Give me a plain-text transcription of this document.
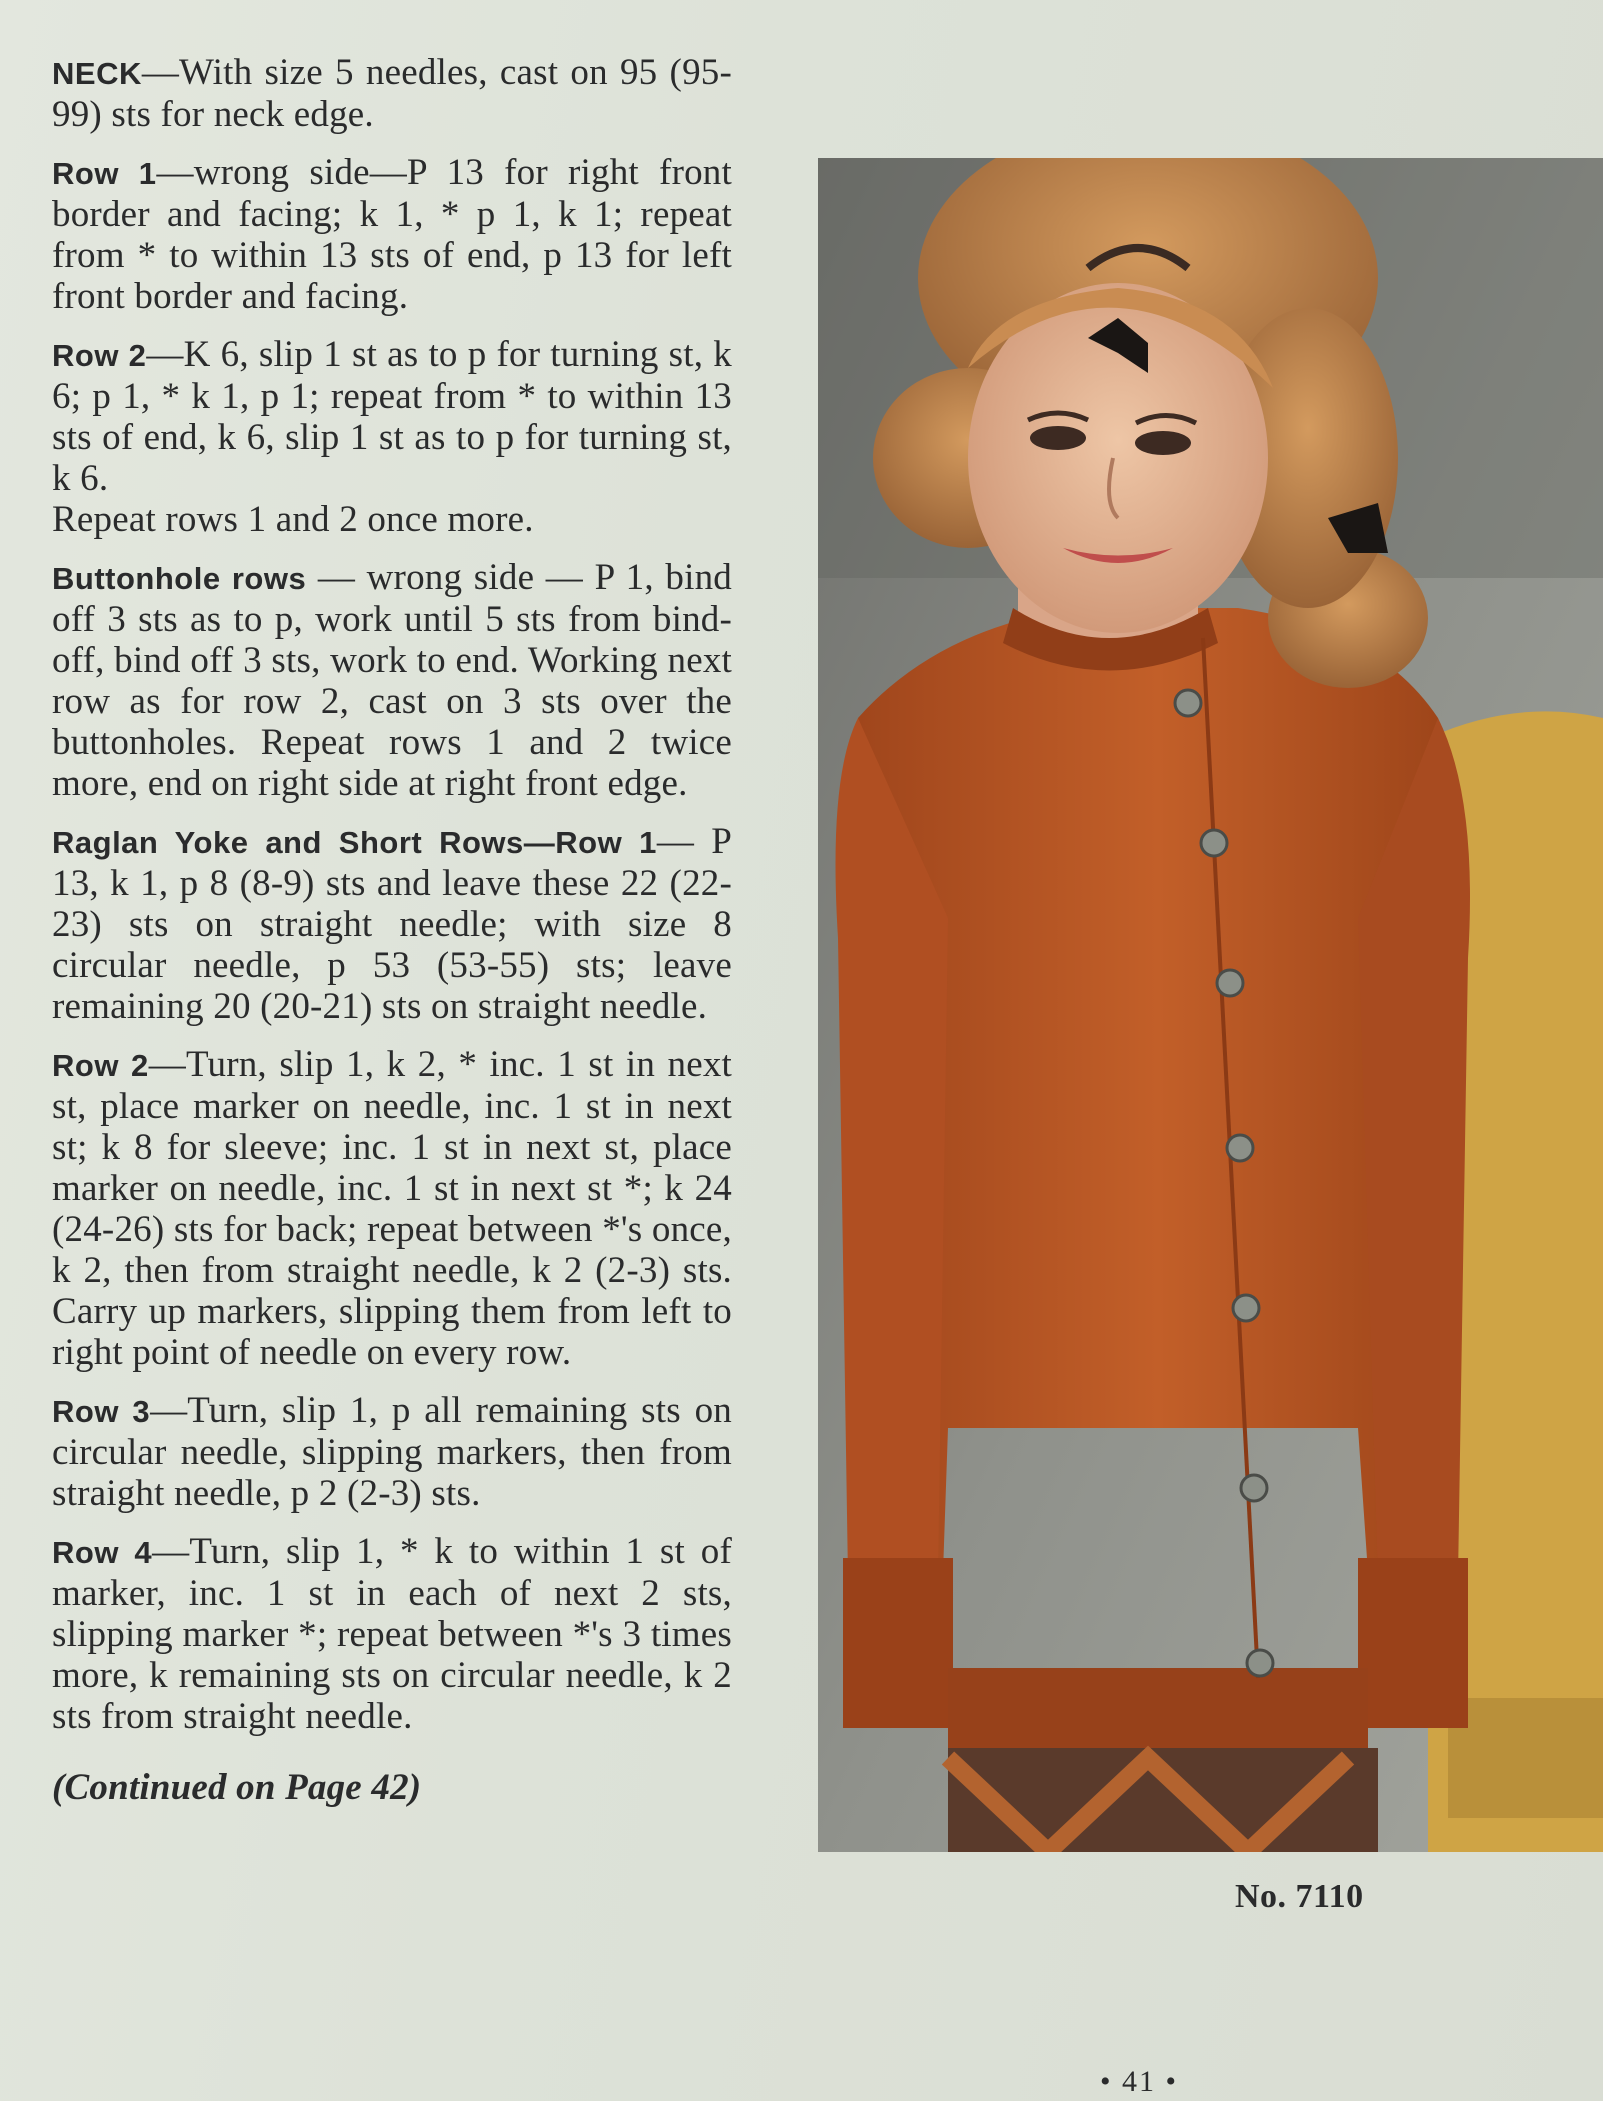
NECK—With size 5 needles, cast on 95 (95-99) sts for neck edge.

Row 1—wrong side—P 13 for right front border and facing; k 1, * p 1, k 1; repeat from * to within 13 sts of end, p 13 for left front border and facing.

Row 2—K 6, slip 1 st as to p for turning st, k 6; p 1, * k 1, p 1; repeat from * to within 13 sts of end, k 6, slip 1 st as to p for turning st, k 6.
Repeat rows 1 and 2 once more.

Buttonhole rows — wrong side — P 1, bind off 3 sts as to p, work until 5 sts from bind-off, bind off 3 sts, work to end. Working next row as for row 2, cast on 3 sts over the buttonholes. Repeat rows 1 and 2 twice more, end on right side at right front edge.

Raglan Yoke and Short Rows—Row 1— P 13, k 1, p 8 (8-9) sts and leave these 22 (22-23) sts on straight needle; with size 8 circular needle, p 53 (53-55) sts; leave remaining 20 (20-21) sts on straight needle.

Row 2—Turn, slip 1, k 2, * inc. 1 st in next st, place marker on needle, inc. 1 st in next st; k 8 for sleeve; inc. 1 st in next st, place marker on needle, inc. 1 st in next st *; k 24 (24-26) sts for back; repeat between *'s once, k 2, then from straight needle, k 2 (2-3) sts. Carry up markers, slipping them from left to right point of needle on every row.

Row 3—Turn, slip 1, p all remaining sts on circular needle, slipping markers, then from straight needle, p 2 (2-3) sts.

Row 4—Turn, slip 1, * k to within 1 st of marker, inc. 1 st in each of next 2 sts, slipping marker *; repeat between *'s 3 times more, k remaining sts on circular needle, k 2 sts from straight needle.

(Continued on Page 42)

No. 7110
• 41 •
